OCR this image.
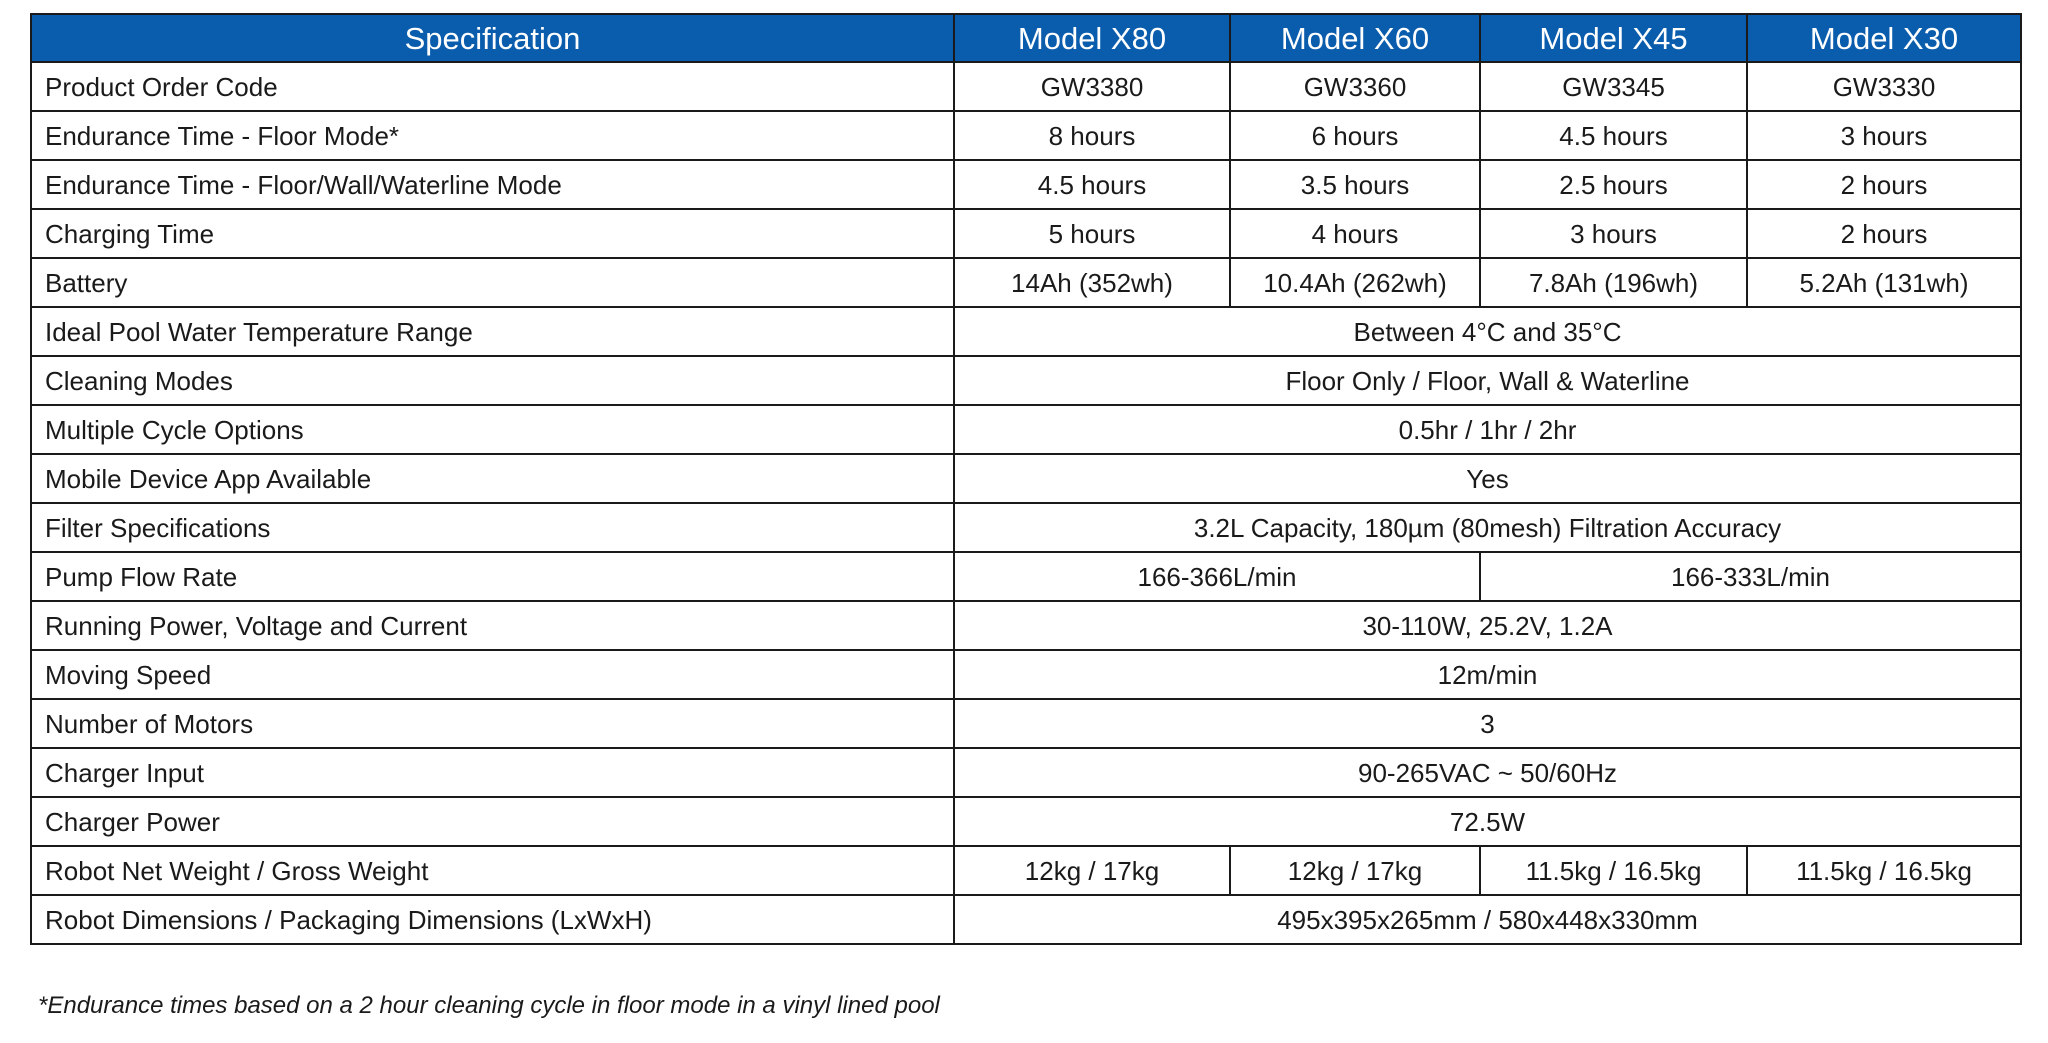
Specification	Model X80	Model X60	Model X45	Model X30
Product Order Code	GW3380	GW3360	GW3345	GW3330
Endurance Time - Floor Mode*	8 hours	6 hours	4.5 hours	3 hours
Endurance Time - Floor/Wall/Waterline Mode	4.5 hours	3.5 hours	2.5 hours	2 hours
Charging Time	5 hours	4 hours	3 hours	2 hours
Battery	14Ah (352wh)	10.4Ah (262wh)	7.8Ah (196wh)	5.2Ah (131wh)
Ideal Pool Water Temperature Range	Between 4°C and 35°C			
Cleaning Modes	Floor Only / Floor, Wall & Waterline			
Multiple Cycle Options	0.5hr / 1hr / 2hr			
Mobile Device App Available	Yes			
Filter Specifications	3.2L Capacity, 180µm (80mesh) Filtration Accuracy			
Pump Flow Rate	166-366L/min		166-333L/min	
Running Power, Voltage and Current	30-110W, 25.2V, 1.2A			
Moving Speed	12m/min			
Number of Motors	3			
Charger Input	90-265VAC ~ 50/60Hz			
Charger Power	72.5W			
Robot Net Weight / Gross Weight	12kg / 17kg	12kg / 17kg	11.5kg / 16.5kg	11.5kg / 16.5kg
Robot Dimensions / Packaging Dimensions (LxWxH)	495x395x265mm / 580x448x330mm			

*Endurance times based on a 2 hour cleaning cycle in floor mode in a vinyl lined pool
